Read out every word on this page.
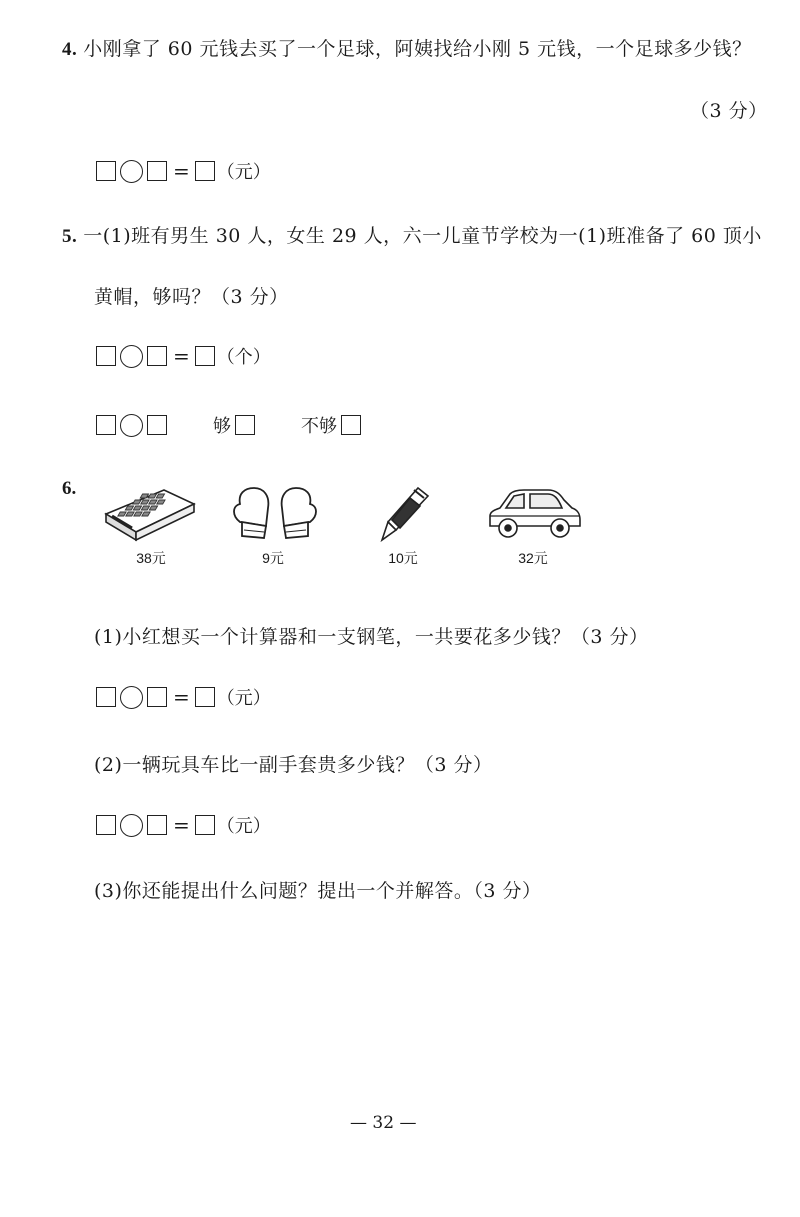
4. 小刚拿了 60 元钱去买了一个足球，阿姨找给小刚 5 元钱，一个足球多少钱？
（3 分）
= （元）
5. 一(1)班有男生 30 人，女生 29 人，六一儿童节学校为一(1)班准备了 60 顶小
黄帽，够吗？（3 分）
= （个）
够	不够
6.
38元	9元	10元	32元
(1)小红想买一个计算器和一支钢笔，一共要花多少钱？（3 分）
= （元）
(2)一辆玩具车比一副手套贵多少钱？（3 分）
= （元）
(3)你还能提出什么问题？提出一个并解答。（3 分）
— 32 —
